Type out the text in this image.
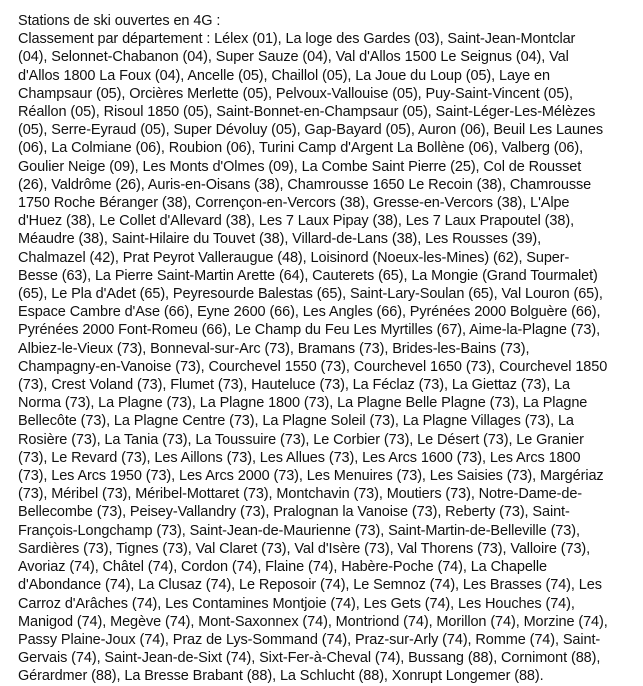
Stations de ski ouvertes en 4G :

Classement par département : Lélex (01), La loge des Gardes (03), Saint-Jean-Montclar (04), Selonnet-Chabanon (04), Super Sauze (04), Val d'Allos 1500 Le Seignus (04), Val d'Allos 1800 La Foux (04), Ancelle (05), Chaillol (05), La Joue du Loup (05), Laye en Champsaur (05), Orcières Merlette (05), Pelvoux-Vallouise (05), Puy-Saint-Vincent (05), Réallon (05), Risoul 1850 (05), Saint-Bonnet-en-Champsaur (05), Saint-Léger-Les-Mélèzes (05), Serre-Eyraud (05), Super Dévoluy (05), Gap-Bayard (05), Auron (06), Beuil Les Launes (06), La Colmiane (06), Roubion (06), Turini Camp d'Argent La Bollène (06), Valberg (06), Goulier Neige (09), Les Monts d'Olmes (09), La Combe Saint Pierre (25), Col de Rousset (26), Valdrôme (26), Auris-en-Oisans (38), Chamrousse 1650 Le Recoin (38), Chamrousse 1750 Roche Béranger (38), Corrençon-en-Vercors (38), Gresse-en-Vercors (38), L'Alpe d'Huez (38), Le Collet d'Allevard (38), Les 7 Laux Pipay (38), Les 7 Laux Prapoutel (38), Méaudre (38), Saint-Hilaire du Touvet (38), Villard-de-Lans (38), Les Rousses (39), Chalmazel (42), Prat Peyrot Valleraugue (48), Loisinord (Noeux-les-Mines) (62), Super-Besse (63), La Pierre Saint-Martin Arette (64), Cauterets (65), La Mongie (Grand Tourmalet) (65), Le Pla d'Adet (65), Peyresourde Balestas (65), Saint-Lary-Soulan (65), Val Louron (65), Espace Cambre d'Ase (66), Eyne 2600 (66), Les Angles (66), Pyrénées 2000 Bolguère (66), Pyrénées 2000 Font-Romeu (66), Le Champ du Feu Les Myrtilles (67), Aime-la-Plagne (73), Albiez-le-Vieux (73), Bonneval-sur-Arc (73), Bramans (73), Brides-les-Bains (73), Champagny-en-Vanoise (73), Courchevel 1550 (73), Courchevel 1650 (73), Courchevel 1850 (73), Crest Voland (73), Flumet (73), Hauteluce (73), La Féclaz (73), La Giettaz (73), La Norma (73), La Plagne (73), La Plagne 1800 (73), La Plagne Belle Plagne (73), La Plagne Bellecôte (73), La Plagne Centre (73), La Plagne Soleil (73), La Plagne Villages (73), La Rosière (73), La Tania (73), La Toussuire (73), Le Corbier (73), Le Désert (73), Le Granier (73), Le Revard (73), Les Aillons (73), Les Allues (73), Les Arcs 1600 (73), Les Arcs 1800 (73), Les Arcs 1950 (73), Les Arcs 2000 (73), Les Menuires (73), Les Saisies (73), Margériaz (73), Méribel (73), Méribel-Mottaret (73), Montchavin (73), Moutiers (73), Notre-Dame-de-Bellecombe (73), Peisey-Vallandry (73), Pralognan la Vanoise (73), Reberty (73), Saint-François-Longchamp (73), Saint-Jean-de-Maurienne (73), Saint-Martin-de-Belleville (73), Sardières (73), Tignes (73), Val Claret (73), Val d'Isère (73), Val Thorens (73), Valloire (73), Avoriaz (74), Châtel (74), Cordon (74), Flaine (74), Habère-Poche (74), La Chapelle d'Abondance (74), La Clusaz (74), Le Reposoir (74), Le Semnoz (74), Les Brasses (74), Les Carroz d'Arâches (74), Les Contamines Montjoie (74), Les Gets (74), Les Houches (74), Manigod (74), Megève (74), Mont-Saxonnex (74), Montriond (74), Morillon (74), Morzine (74), Passy Plaine-Joux (74), Praz de Lys-Sommand (74), Praz-sur-Arly (74), Romme (74), Saint-Gervais (74), Saint-Jean-de-Sixt (74), Sixt-Fer-à-Cheval (74), Bussang (88), Cornimont (88), Gérardmer (88), La Bresse Brabant (88), La Schlucht (88), Xonrupt Longemer (88).
